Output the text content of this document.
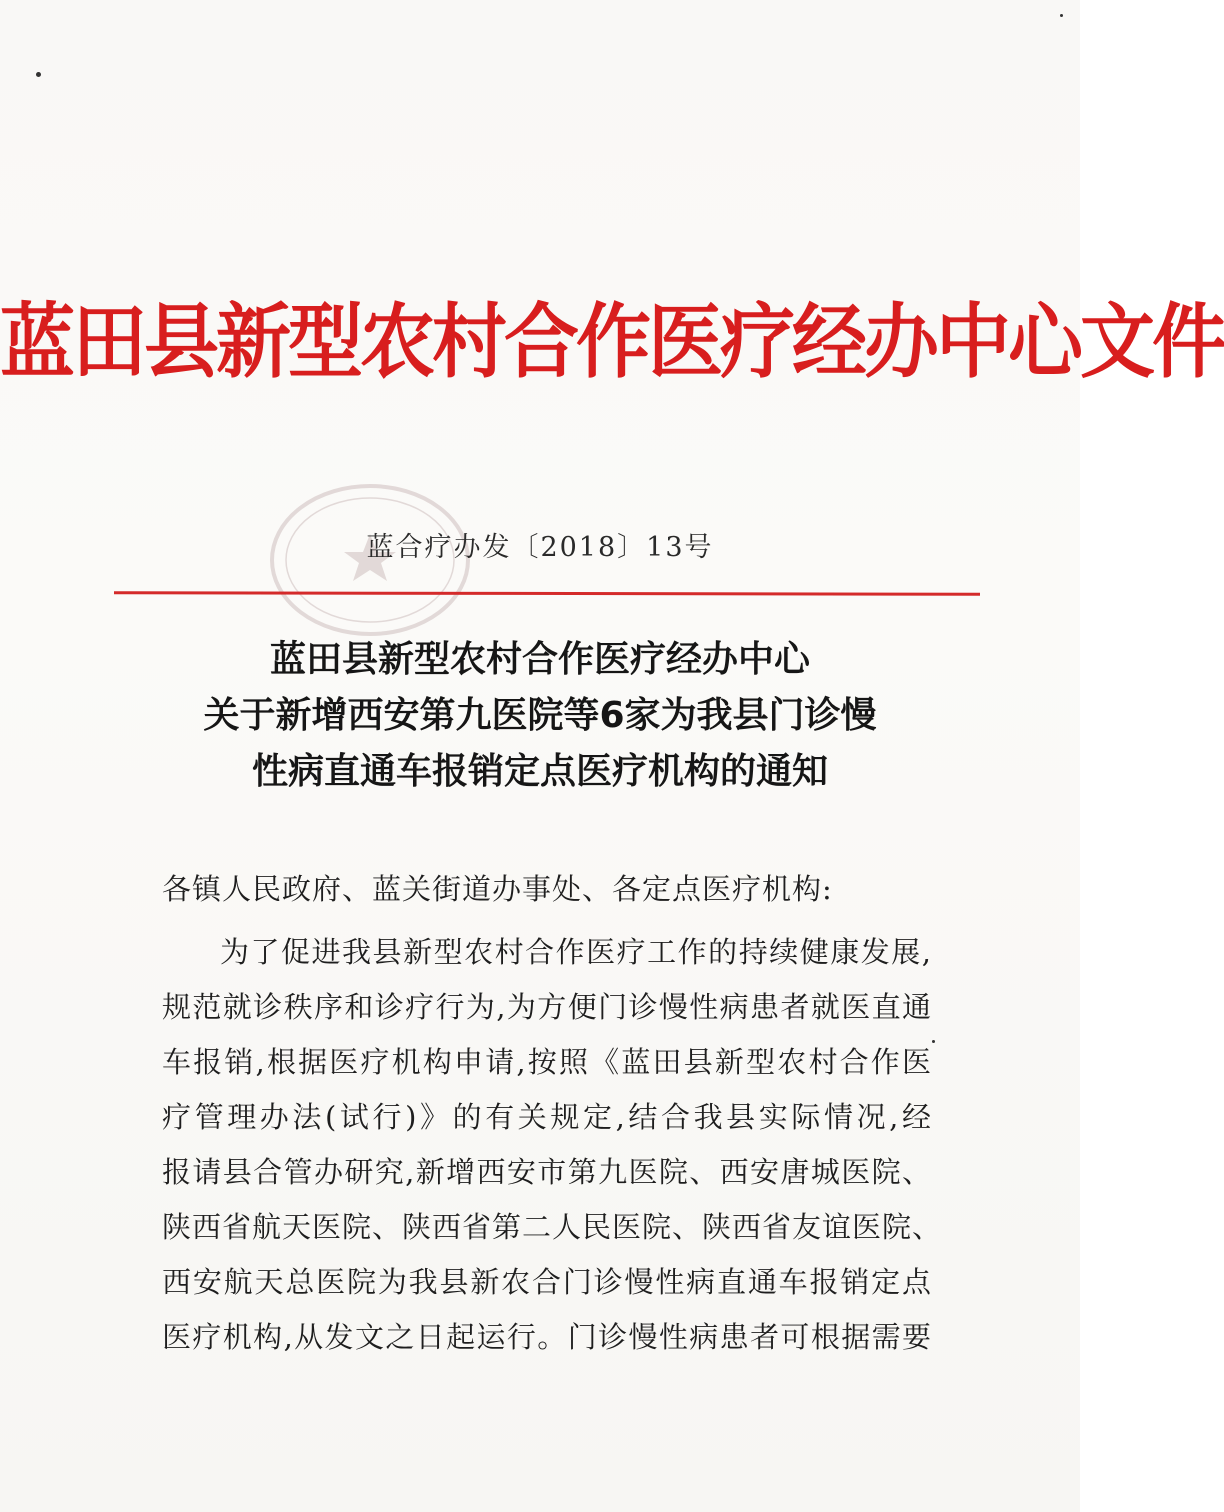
蓝田县新型农村合作医疗经办中心文件
蓝合疗办发〔2018〕13号
蓝田县新型农村合作医疗经办中心
关于新增西安第九医院等6家为我县门诊慢
性病直通车报销定点医疗机构的通知
各镇人民政府、蓝关街道办事处、各定点医疗机构:
为了促进我县新型农村合作医疗工作的持续健康发展,
规范就诊秩序和诊疗行为,为方便门诊慢性病患者就医直通
车报销,根据医疗机构申请,按照《蓝田县新型农村合作医
疗管理办法(试行)》的有关规定,结合我县实际情况,经
报请县合管办研究,新增西安市第九医院、西安唐城医院、
陕西省航天医院、陕西省第二人民医院、陕西省友谊医院、
西安航天总医院为我县新农合门诊慢性病直通车报销定点
医疗机构,从发文之日起运行。门诊慢性病患者可根据需要
